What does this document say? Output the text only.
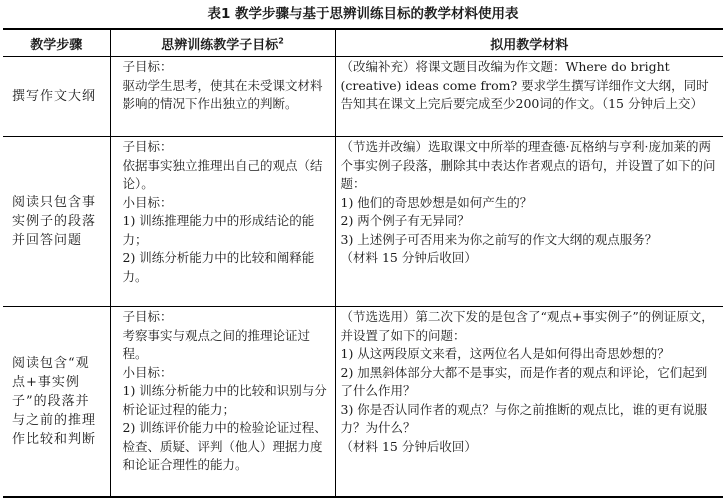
表1 教学步骤与基于思辨训练目标的教学材料使用表
教学步骤	思辨训练教学子目标$^2$	拟用教学材料
撰写作文大纲	子目标：
驱动学生思考，使其在未受课文材料影响的情况下作出独立的判断。	（改编补充）将课文题目改编为作文题：Where do bright (creative) ideas come from? 要求学生撰写详细作文大纲，同时告知其在课文上完后要完成至少200词的作文。（15 分钟后上交）

阅读只包含事实例子的段落并回答问题	子目标：
依据事实独立推理出自己的观点（结论）。
小目标：
1) 训练推理能力中的形成结论的能力；
2) 训练分析能力中的比较和阐释能力。	（节选并改编）选取课文中所举的理查德·瓦格纳与亨利·庞加莱的两个事实例子段落，删除其中表达作者观点的语句，并设置了如下的问题：
1) 他们的奇思妙想是如何产生的？
2) 两个例子有无异同？
3) 上述例子可否用来为你之前写的作文大纲的观点服务？
（材料 15 分钟后收回）

阅读包含“观点+事实例子”的段落并与之前的推理作比较和判断	子目标：
考察事实与观点之间的推理论证过程。
小目标：
1) 训练分析能力中的比较和识别与分析论证过程的能力；
2) 训练评价能力中的检验论证过程、检查、质疑、评判（他人）理据力度和论证合理性的能力。	（节选选用）第二次下发的是包含了“观点+事实例子”的例证原文，并设置了如下的问题：
1) 从这两段原文来看，这两位名人是如何得出奇思妙想的？
2) 加黑斜体部分大都不是事实，而是作者的观点和评论，它们起到了什么作用？
3) 你是否认同作者的观点？与你之前推断的观点比，谁的更有说服力？为什么？
（材料 15 分钟后收回）
